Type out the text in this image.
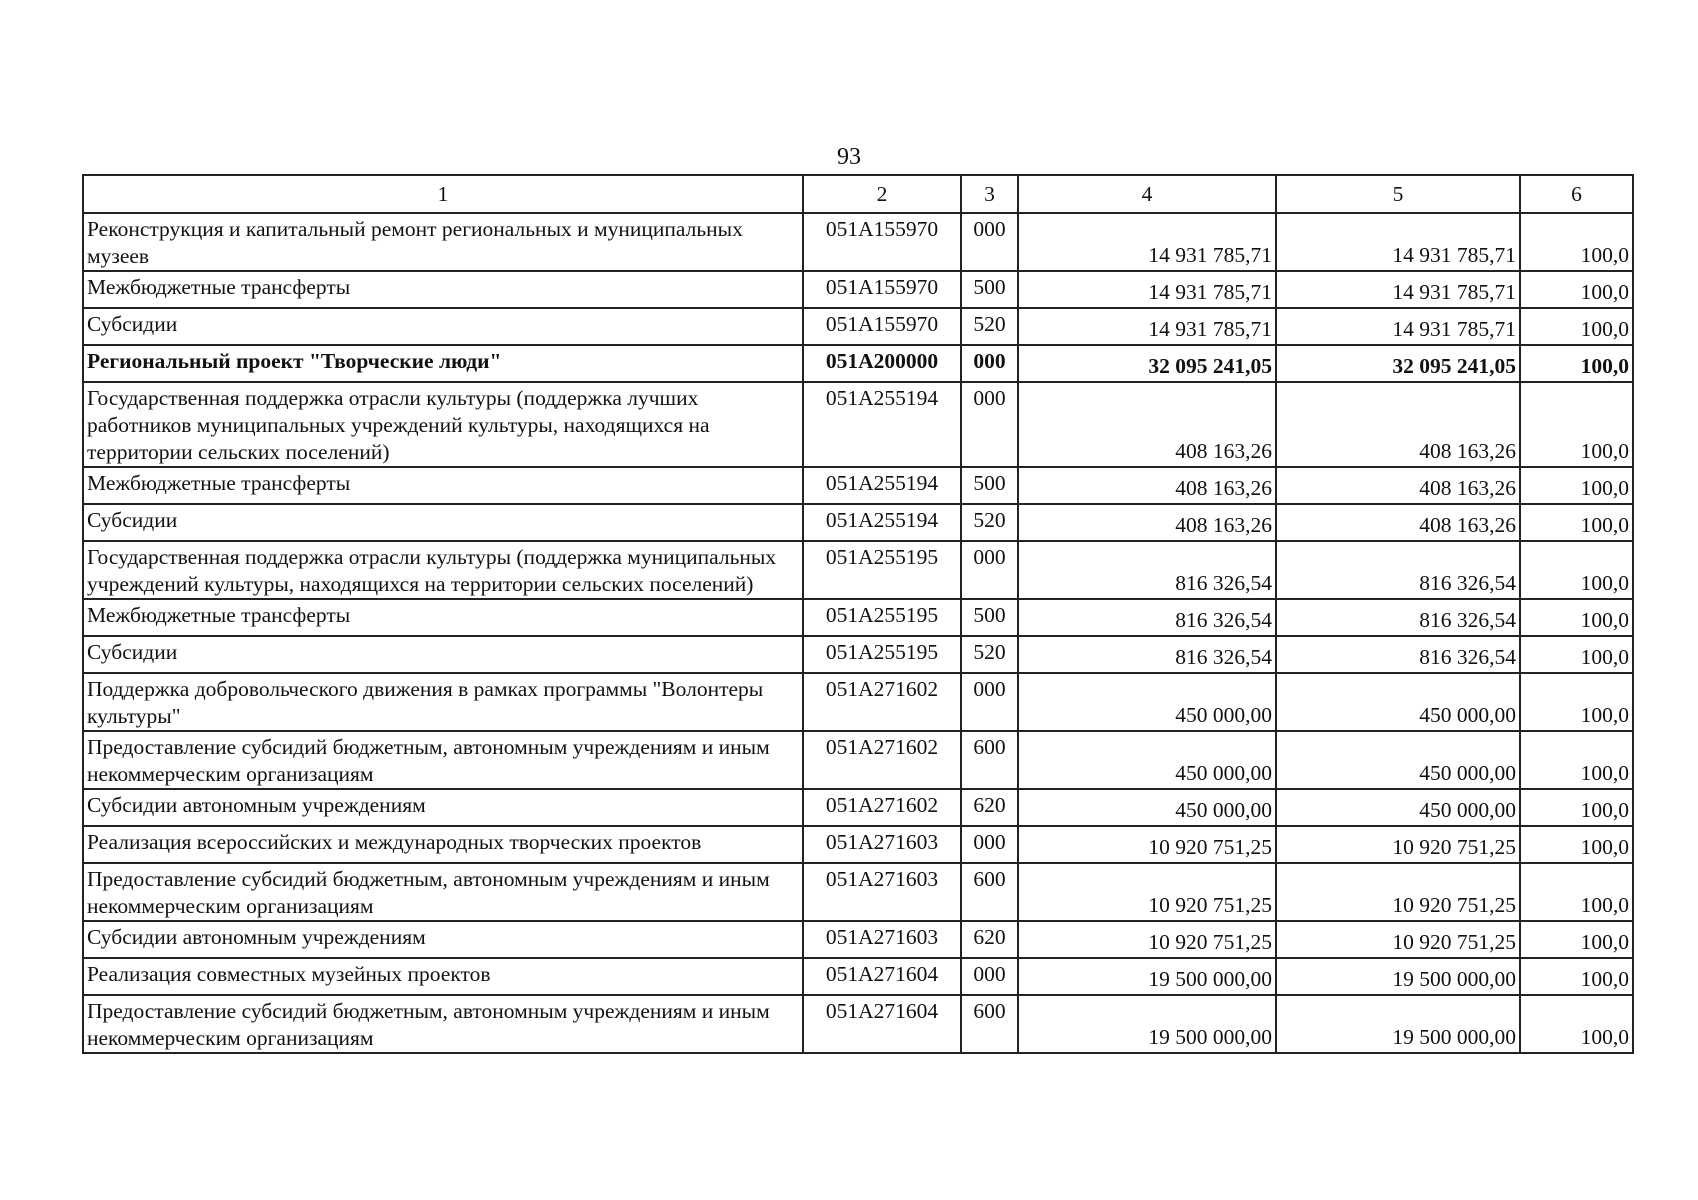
93
1	2	3	4	5	6
Реконструкция и капитальный ремонт региональных и муниципальных музеев	051A155970	000	14 931 785,71	14 931 785,71	100,0
Межбюджетные трансферты	051A155970	500	14 931 785,71	14 931 785,71	100,0
Субсидии	051A155970	520	14 931 785,71	14 931 785,71	100,0
Региональный проект "Творческие люди"	051A200000	000	32 095 241,05	32 095 241,05	100,0
Государственная поддержка отрасли культуры (поддержка лучших работников муниципальных учреждений культуры, находящихся на территории сельских поселений)	051A255194	000	408 163,26	408 163,26	100,0
Межбюджетные трансферты	051A255194	500	408 163,26	408 163,26	100,0
Субсидии	051A255194	520	408 163,26	408 163,26	100,0
Государственная поддержка отрасли культуры (поддержка муниципальных учреждений культуры, находящихся на территории сельских поселений)	051A255195	000	816 326,54	816 326,54	100,0
Межбюджетные трансферты	051A255195	500	816 326,54	816 326,54	100,0
Субсидии	051A255195	520	816 326,54	816 326,54	100,0
Поддержка добровольческого движения в рамках программы "Волонтеры культуры"	051A271602	000	450 000,00	450 000,00	100,0
Предоставление субсидий бюджетным, автономным учреждениям и иным некоммерческим организациям	051A271602	600	450 000,00	450 000,00	100,0
Субсидии автономным учреждениям	051A271602	620	450 000,00	450 000,00	100,0
Реализация всероссийских и международных творческих проектов	051A271603	000	10 920 751,25	10 920 751,25	100,0
Предоставление субсидий бюджетным, автономным учреждениям и иным некоммерческим организациям	051A271603	600	10 920 751,25	10 920 751,25	100,0
Субсидии автономным учреждениям	051A271603	620	10 920 751,25	10 920 751,25	100,0
Реализация совместных музейных проектов	051A271604	000	19 500 000,00	19 500 000,00	100,0
Предоставление субсидий бюджетным, автономным учреждениям и иным некоммерческим организациям	051A271604	600	19 500 000,00	19 500 000,00	100,0
